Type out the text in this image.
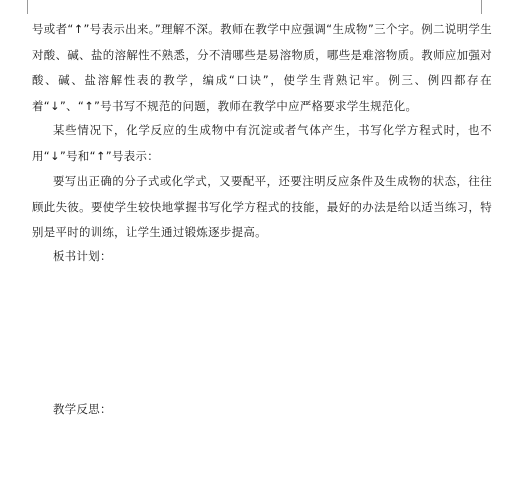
号或者“↑”号表示出来。”理解不深。教师在教学中应强调“生成物”三个字。例二说明学生对酸、碱、盐的溶解性不熟悉，分不清哪些是易溶物质，哪些是难溶物质。教师应加强对酸、碱、盐溶解性表的教学，编成“口诀”，使学生背熟记牢。例三、例四都存在着“↓”、“↑”号书写不规范的问题，教师在教学中应严格要求学生规范化。
某些情况下，化学反应的生成物中有沉淀或者气体产生，书写化学方程式时，也不用“↓”号和“↑”号表示：
要写出正确的分子式或化学式，又要配平，还要注明反应条件及生成物的状态，往往顾此失彼。要使学生较快地掌握书写化学方程式的技能，最好的办法是给以适当练习，特别是平时的训练，让学生通过锻炼逐步提高。
板书计划：
教学反思：
